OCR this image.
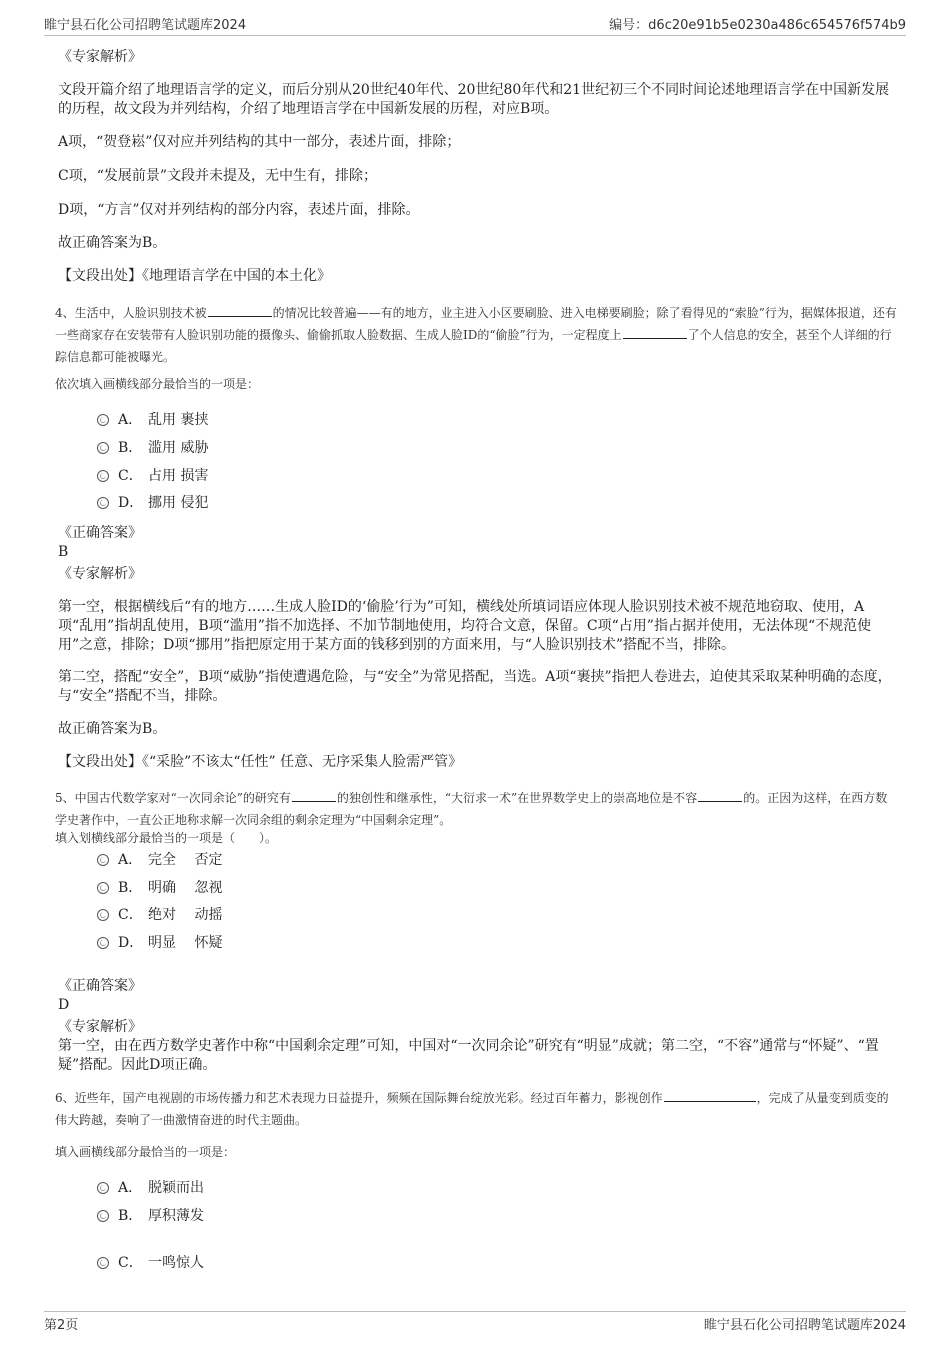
睢宁县石化公司招聘笔试题库2024	编号：d6c20e91b5e0230a486c654576f574b9
《专家解析》
文段开篇介绍了地理语言学的定义，而后分别从20世纪40年代、20世纪80年代和21世纪初三个不同时间论述地理语言学在中国新发展的历程，故文段为并列结构，介绍了地理语言学在中国新发展的历程，对应B项。
A项，“贺登崧”仅对应并列结构的其中一部分，表述片面，排除；
C项，“发展前景”文段并未提及，无中生有，排除；
D项，“方言”仅对并列结构的部分内容，表述片面，排除。
故正确答案为B。
【文段出处】《地理语言学在中国的本土化》
4、生活中，人脸识别技术被	的情况比较普遍——有的地方，业主进入小区要刷脸、进入电梯要刷脸；除了看得见的“索脸”行为，据媒体报道，还有一些商家存在安装带有人脸识别功能的摄像头、偷偷抓取人脸数据、生成人脸ID的“偷脸”行为，一定程度上	了个人信息的安全，甚至个人详细的行踪信息都可能被曝光。
依次填入画横线部分最恰当的一项是：
A． 乱用 裹挟
B． 滥用 威胁
C． 占用 损害
D． 挪用 侵犯
《正确答案》
B
《专家解析》
第一空，根据横线后“有的地方……生成人脸ID的‘偷脸’行为”可知，横线处所填词语应体现人脸识别技术被不规范地窃取、使用，A项“乱用”指胡乱使用，B项“滥用”指不加选择、不加节制地使用，均符合文意，保留。C项“占用”指占据并使用，无法体现“不规范使用”之意，排除；D项“挪用”指把原定用于某方面的钱移到别的方面来用，与“人脸识别技术”搭配不当，排除。
第二空，搭配“安全”，B项“威胁”指使遭遇危险，与“安全”为常见搭配，当选。A项“裹挟”指把人卷进去，迫使其采取某种明确的态度，与“安全”搭配不当，排除。
故正确答案为B。
【文段出处】《“采脸”不该太“任性” 任意、无序采集人脸需严管》
5、中国古代数学家对“一次同余论”的研究有	的独创性和继承性，“大衍求一术”在世界数学史上的崇高地位是不容	的。正因为这样，在西方数学史著作中，一直公正地称求解一次同余组的剩余定理为“中国剩余定理”。
填入划横线部分最恰当的一项是（　　）。
A． 完全　 否定
B． 明确　 忽视
C． 绝对　 动摇
D． 明显　 怀疑
《正确答案》
D
《专家解析》
第一空，由在西方数学史著作中称“中国剩余定理”可知，中国对“一次同余论”研究有“明显”成就；第二空，“不容”通常与“怀疑”、“置疑”搭配。因此D项正确。
6、近些年，国产电视剧的市场传播力和艺术表现力日益提升，频频在国际舞台绽放光彩。经过百年蓄力，影视创作	，完成了从量变到质变的伟大跨越，奏响了一曲激情奋进的时代主题曲。
填入画横线部分最恰当的一项是：
A． 脱颖而出
B． 厚积薄发
C． 一鸣惊人
第2页	睢宁县石化公司招聘笔试题库2024
